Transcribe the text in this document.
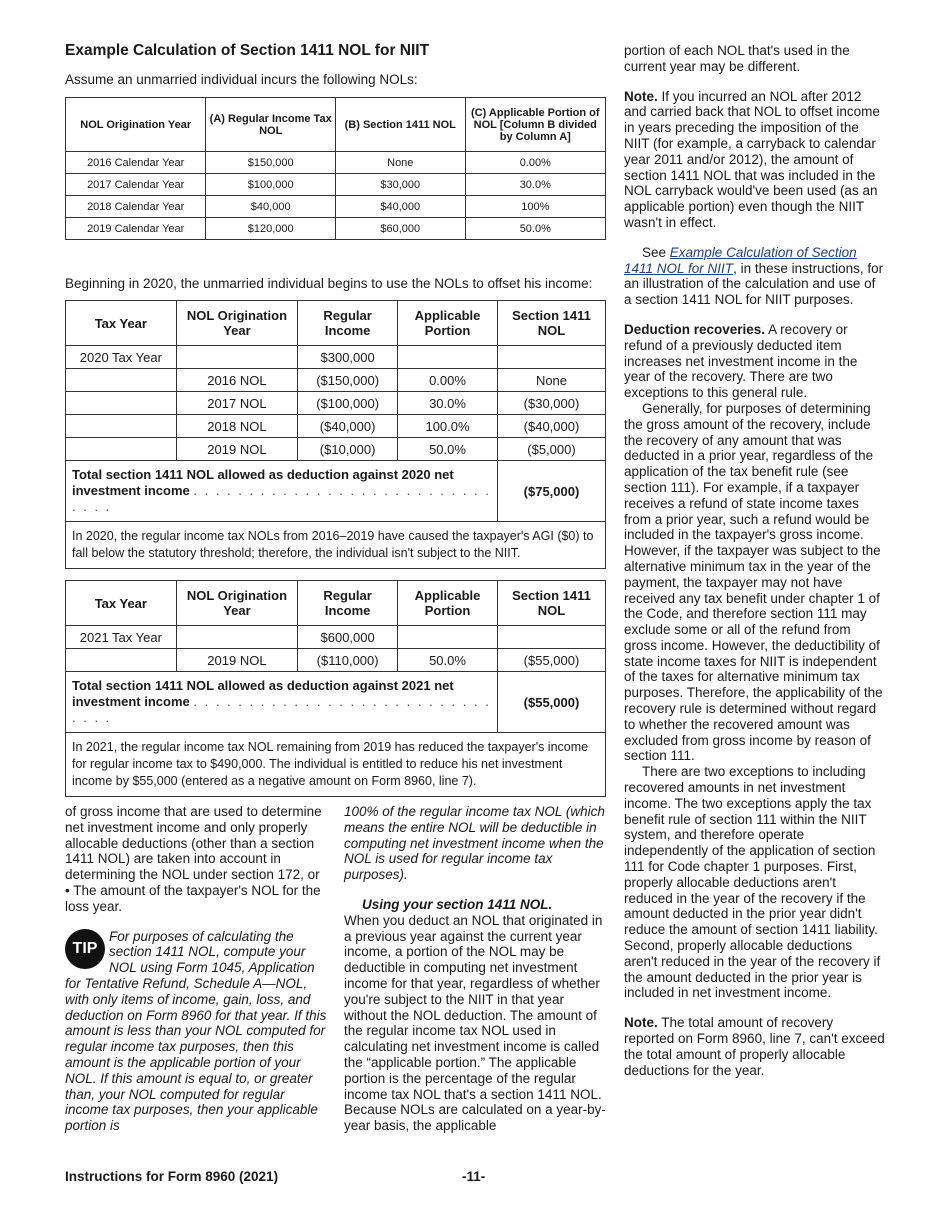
Example Calculation of Section 1411 NOL for NIIT
Assume an unmarried individual incurs the following NOLs:
NOL Origination Year	(A) Regular Income Tax NOL	(B) Section 1411 NOL	(C) Applicable Portion of NOL [Column B divided by Column A]
2016 Calendar Year	$150,000	None	0.00%
2017 Calendar Year	$100,000	$30,000	30.0%
2018 Calendar Year	$40,000	$40,000	100%
2019 Calendar Year	$120,000	$60,000	50.0%
Beginning in 2020, the unmarried individual begins to use the NOLs to offset his income:
Tax Year	NOL Origination Year	Regular Income	Applicable Portion	Section 1411 NOL
2020 Tax Year		$300,000		
	2016 NOL	($150,000)	0.00%	None
	2017 NOL	($100,000)	30.0%	($30,000)
	2018 NOL	($40,000)	100.0%	($40,000)
	2019 NOL	($10,000)	50.0%	($5,000)
Total section 1411 NOL allowed as deduction against 2020 net investment income . . . . . . . . . . . . . . . . . . . . . . . . . . . . . . .				($75,000)
In 2020, the regular income tax NOLs from 2016–2019 have caused the taxpayer's AGI ($0) to fall below the statutory threshold; therefore, the individual isn't subject to the NIIT.				
Tax Year	NOL Origination Year	Regular Income	Applicable Portion	Section 1411 NOL
2021 Tax Year		$600,000		
	2019 NOL	($110,000)	50.0%	($55,000)
Total section 1411 NOL allowed as deduction against 2021 net investment income . . . . . . . . . . . . . . . . . . . . . . . . . . . . . . .				($55,000)
In 2021, the regular income tax NOL remaining from 2019 has reduced the taxpayer's income for regular income tax to $490,000. The individual is entitled to reduce his net investment income by $55,000 (entered as a negative amount on Form 8960, line 7).				

of gross income that are used to determine net investment income and only properly allocable deductions (other than a section 1411 NOL) are taken into account in determining the NOL under section 172, or

• The amount of the taxpayer's NOL for the loss year.

TIP
For purposes of calculating the section 1411 NOL, compute your NOL using Form 1045, Application for Tentative Refund, Schedule A—NOL, with only items of income, gain, loss, and deduction on Form 8960 for that year. If this amount is less than your NOL computed for regular income tax purposes, then this amount is the applicable portion of your NOL. If this amount is equal to, or greater than, your NOL computed for regular income tax purposes, then your applicable portion is

100% of the regular income tax NOL (which means the entire NOL will be deductible in computing net investment income when the NOL is used for regular income tax purposes).

Using your section 1411 NOL.

When you deduct an NOL that originated in a previous year against the current year income, a portion of the NOL may be deductible in computing net investment income for that year, regardless of whether you're subject to the NIIT in that year without the NOL deduction. The amount of the regular income tax NOL used in calculating net investment income is called the “applicable portion.” The applicable portion is the percentage of the regular income tax NOL that's a section 1411 NOL. Because NOLs are calculated on a year-by-year basis, the applicable

portion of each NOL that's used in the current year may be different.

Note. If you incurred an NOL after 2012 and carried back that NOL to offset income in years preceding the imposition of the NIIT (for example, a carryback to calendar year 2011 and/or 2012), the amount of section 1411 NOL that was included in the NOL carryback would've been used (as an applicable portion) even though the NIIT wasn't in effect.

See Example Calculation of Section 1411 NOL for NIIT, in these instructions, for an illustration of the calculation and use of a section 1411 NOL for NIIT purposes.

Deduction recoveries. A recovery or refund of a previously deducted item increases net investment income in the year of the recovery. There are two exceptions to this general rule.

Generally, for purposes of determining the gross amount of the recovery, include the recovery of any amount that was deducted in a prior year, regardless of the application of the tax benefit rule (see section 111). For example, if a taxpayer receives a refund of state income taxes from a prior year, such a refund would be included in the taxpayer's gross income. However, if the taxpayer was subject to the alternative minimum tax in the year of the payment, the taxpayer may not have received any tax benefit under chapter 1 of the Code, and therefore section 111 may exclude some or all of the refund from gross income. However, the deductibility of state income taxes for NIIT is independent of the taxes for alternative minimum tax purposes. Therefore, the applicability of the recovery rule is determined without regard to whether the recovered amount was excluded from gross income by reason of section 111.

There are two exceptions to including recovered amounts in net investment income. The two exceptions apply the tax benefit rule of section 111 within the NIIT system, and therefore operate independently of the application of section 111 for Code chapter 1 purposes. First, properly allocable deductions aren't reduced in the year of the recovery if the amount deducted in the prior year didn't reduce the amount of section 1411 liability. Second, properly allocable deductions aren't reduced in the year of the recovery if the amount deducted in the prior year is included in net investment income.

Note. The total amount of recovery reported on Form 8960, line 7, can't exceed the total amount of properly allocable deductions for the year.

Instructions for Form 8960 (2021)	-11-
